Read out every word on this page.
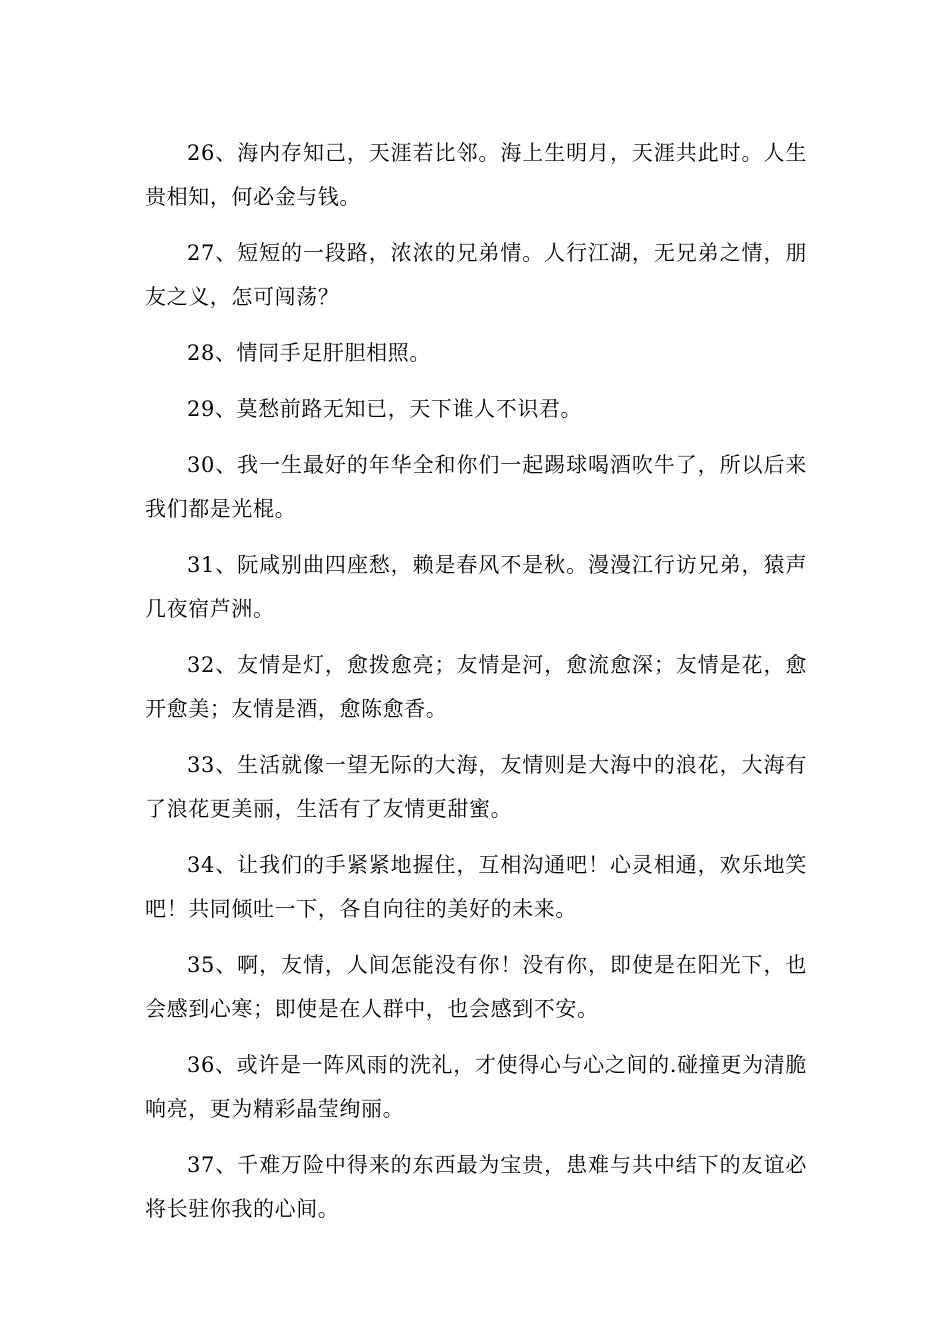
26、海内存知己，天涯若比邻。海上生明月，天涯共此时。人生贵相知，何必金与钱。

27、短短的一段路，浓浓的兄弟情。人行江湖，无兄弟之情，朋友之义，怎可闯荡？

28、情同手足肝胆相照。

29、莫愁前路无知已，天下谁人不识君。

30、我一生最好的年华全和你们一起踢球喝酒吹牛了，所以后来我们都是光棍。

31、阮咸别曲四座愁，赖是春风不是秋。漫漫江行访兄弟，猿声几夜宿芦洲。

32、友情是灯，愈拨愈亮；友情是河，愈流愈深；友情是花，愈开愈美；友情是酒，愈陈愈香。

33、生活就像一望无际的大海，友情则是大海中的浪花，大海有了浪花更美丽，生活有了友情更甜蜜。

34、让我们的手紧紧地握住，互相沟通吧！心灵相通，欢乐地笑吧！共同倾吐一下，各自向往的美好的未来。

35、啊，友情，人间怎能没有你！没有你，即使是在阳光下，也会感到心寒；即使是在人群中，也会感到不安。

36、或许是一阵风雨的洗礼，才使得心与心之间的.碰撞更为清脆响亮，更为精彩晶莹绚丽。

37、千难万险中得来的东西最为宝贵，患难与共中结下的友谊必将长驻你我的心间。
